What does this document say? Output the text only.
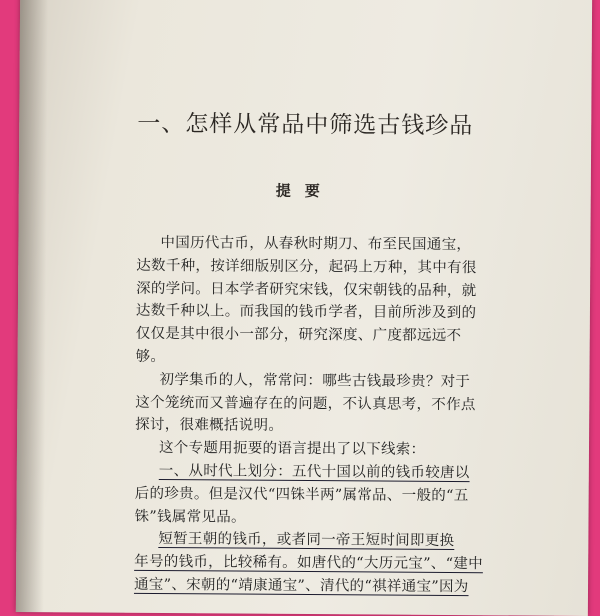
一、怎样从常品中筛选古钱珍品
提要
中国历代古币，从春秋时期刀、布至民国通宝，
达数千种，按详细版别区分，起码上万种，其中有很
深的学问。日本学者研究宋钱，仅宋朝钱的品种，就
达数千种以上。而我国的钱币学者，目前所涉及到的
仅仅是其中很小一部分，研究深度、广度都远远不
够。
初学集币的人，常常问：哪些古钱最珍贵？对于
这个笼统而又普遍存在的问题，不认真思考，不作点
探讨，很难概括说明。
这个专题用扼要的语言提出了以下线索：
一、从时代上划分：五代十国以前的钱币较唐以
后的珍贵。但是汉代“四铢半两”属常品、一般的“五
铢”钱属常见品。
短暂王朝的钱币，或者同一帝王短时间即更换
年号的钱币，比较稀有。如唐代的“大历元宝”、“建中
通宝”、宋朝的“靖康通宝”、清代的“祺祥通宝”因为
